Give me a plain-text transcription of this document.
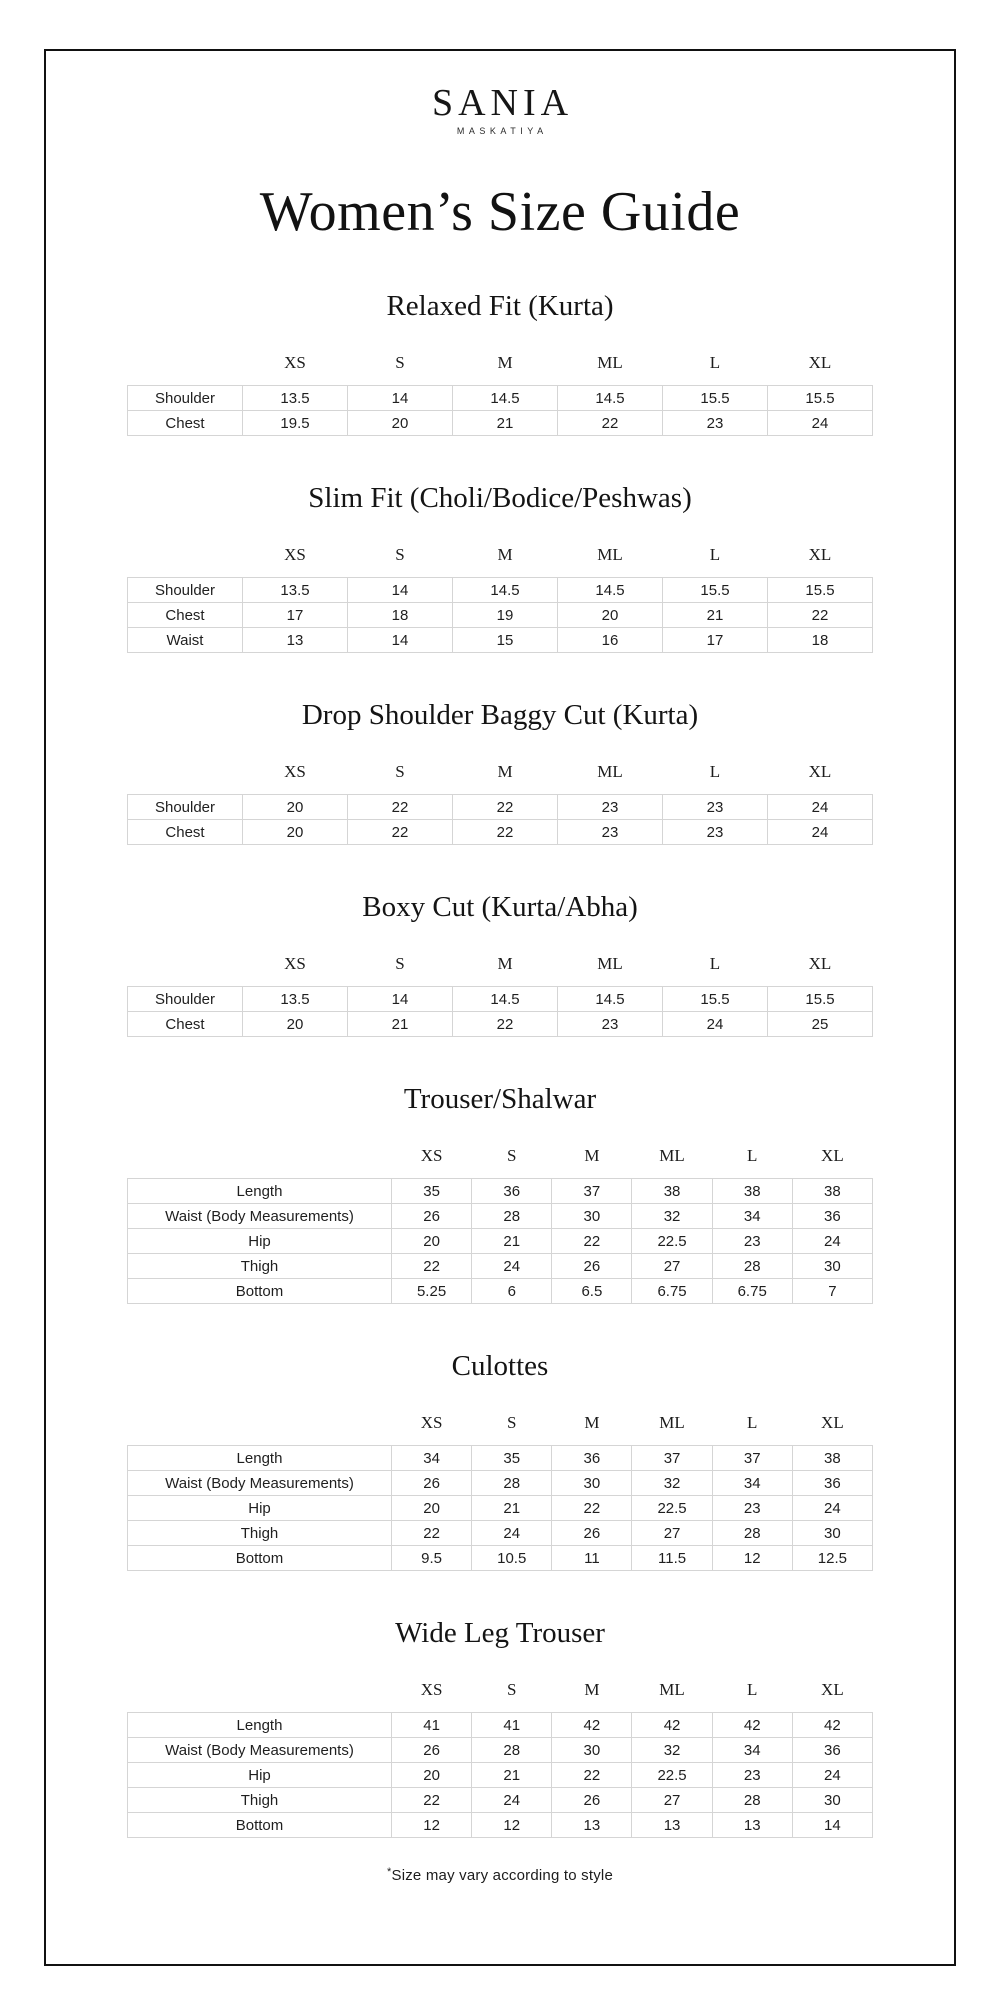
SANIA
MASKATIYA
Women’s Size Guide
Relaxed Fit (Kurta)
	XS	S	M	ML	L	XL
Shoulder	13.5	14	14.5	14.5	15.5	15.5
Chest	19.5	20	21	22	23	24
Slim Fit (Choli/Bodice/Peshwas)
	XS	S	M	ML	L	XL
Shoulder	13.5	14	14.5	14.5	15.5	15.5
Chest	17	18	19	20	21	22
Waist	13	14	15	16	17	18
Drop Shoulder Baggy Cut (Kurta)
	XS	S	M	ML	L	XL
Shoulder	20	22	22	23	23	24
Chest	20	22	22	23	23	24
Boxy Cut (Kurta/Abha)
	XS	S	M	ML	L	XL
Shoulder	13.5	14	14.5	14.5	15.5	15.5
Chest	20	21	22	23	24	25
Trouser/Shalwar
	XS	S	M	ML	L	XL
Length	35	36	37	38	38	38
Waist (Body Measurements)	26	28	30	32	34	36
Hip	20	21	22	22.5	23	24
Thigh	22	24	26	27	28	30
Bottom	5.25	6	6.5	6.75	6.75	7
Culottes
	XS	S	M	ML	L	XL
Length	34	35	36	37	37	38
Waist (Body Measurements)	26	28	30	32	34	36
Hip	20	21	22	22.5	23	24
Thigh	22	24	26	27	28	30
Bottom	9.5	10.5	11	11.5	12	12.5
Wide Leg Trouser
	XS	S	M	ML	L	XL
Length	41	41	42	42	42	42
Waist (Body Measurements)	26	28	30	32	34	36
Hip	20	21	22	22.5	23	24
Thigh	22	24	26	27	28	30
Bottom	12	12	13	13	13	14
*Size may vary according to style
